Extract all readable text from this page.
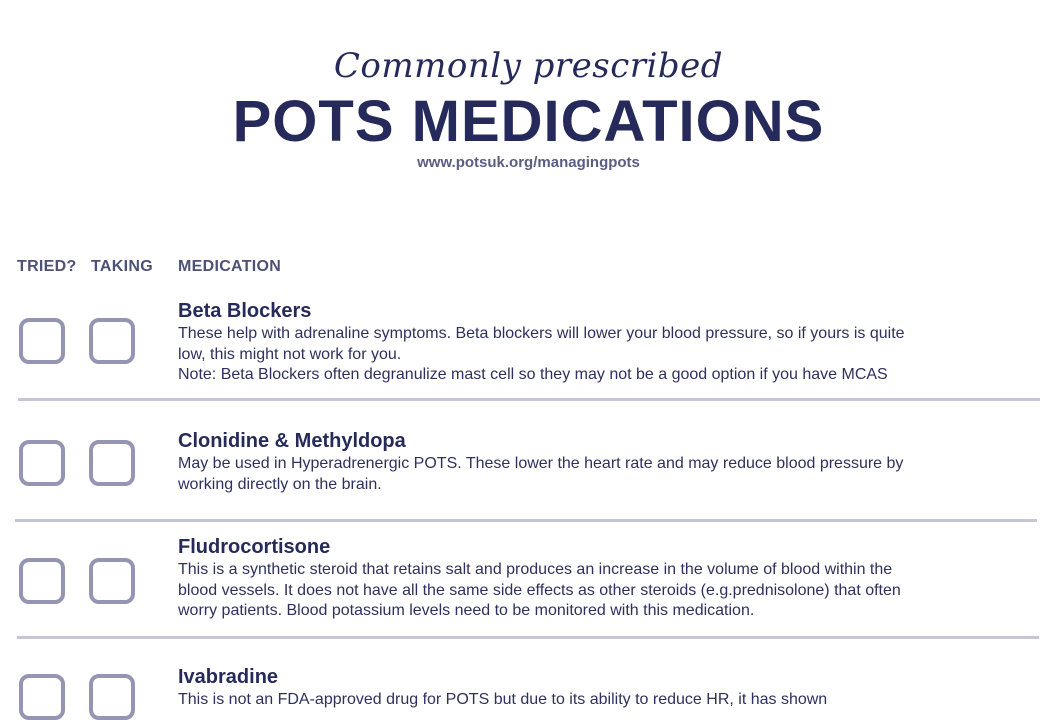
Commonly prescribed
POTS MEDICATIONS
www.potsuk.org/managingpots
TRIED? TAKING MEDICATION
Beta Blockers
These help with adrenaline symptoms. Beta blockers will lower your blood pressure, so if yours is quite
low, this might not work for you.
Note: Beta Blockers often degranulize mast cell so they may not be a good option if you have MCAS
Clonidine & Methyldopa
May be used in Hyperadrenergic POTS. These lower the heart rate and may reduce blood pressure by
working directly on the brain.
Fludrocortisone
This is a synthetic steroid that retains salt and produces an increase in the volume of blood within the
blood vessels. It does not have all the same side effects as other steroids (e.g.prednisolone) that often
worry patients. Blood potassium levels need to be monitored with this medication.
Ivabradine
This is not an FDA-approved drug for POTS but due to its ability to reduce HR, it has shown
